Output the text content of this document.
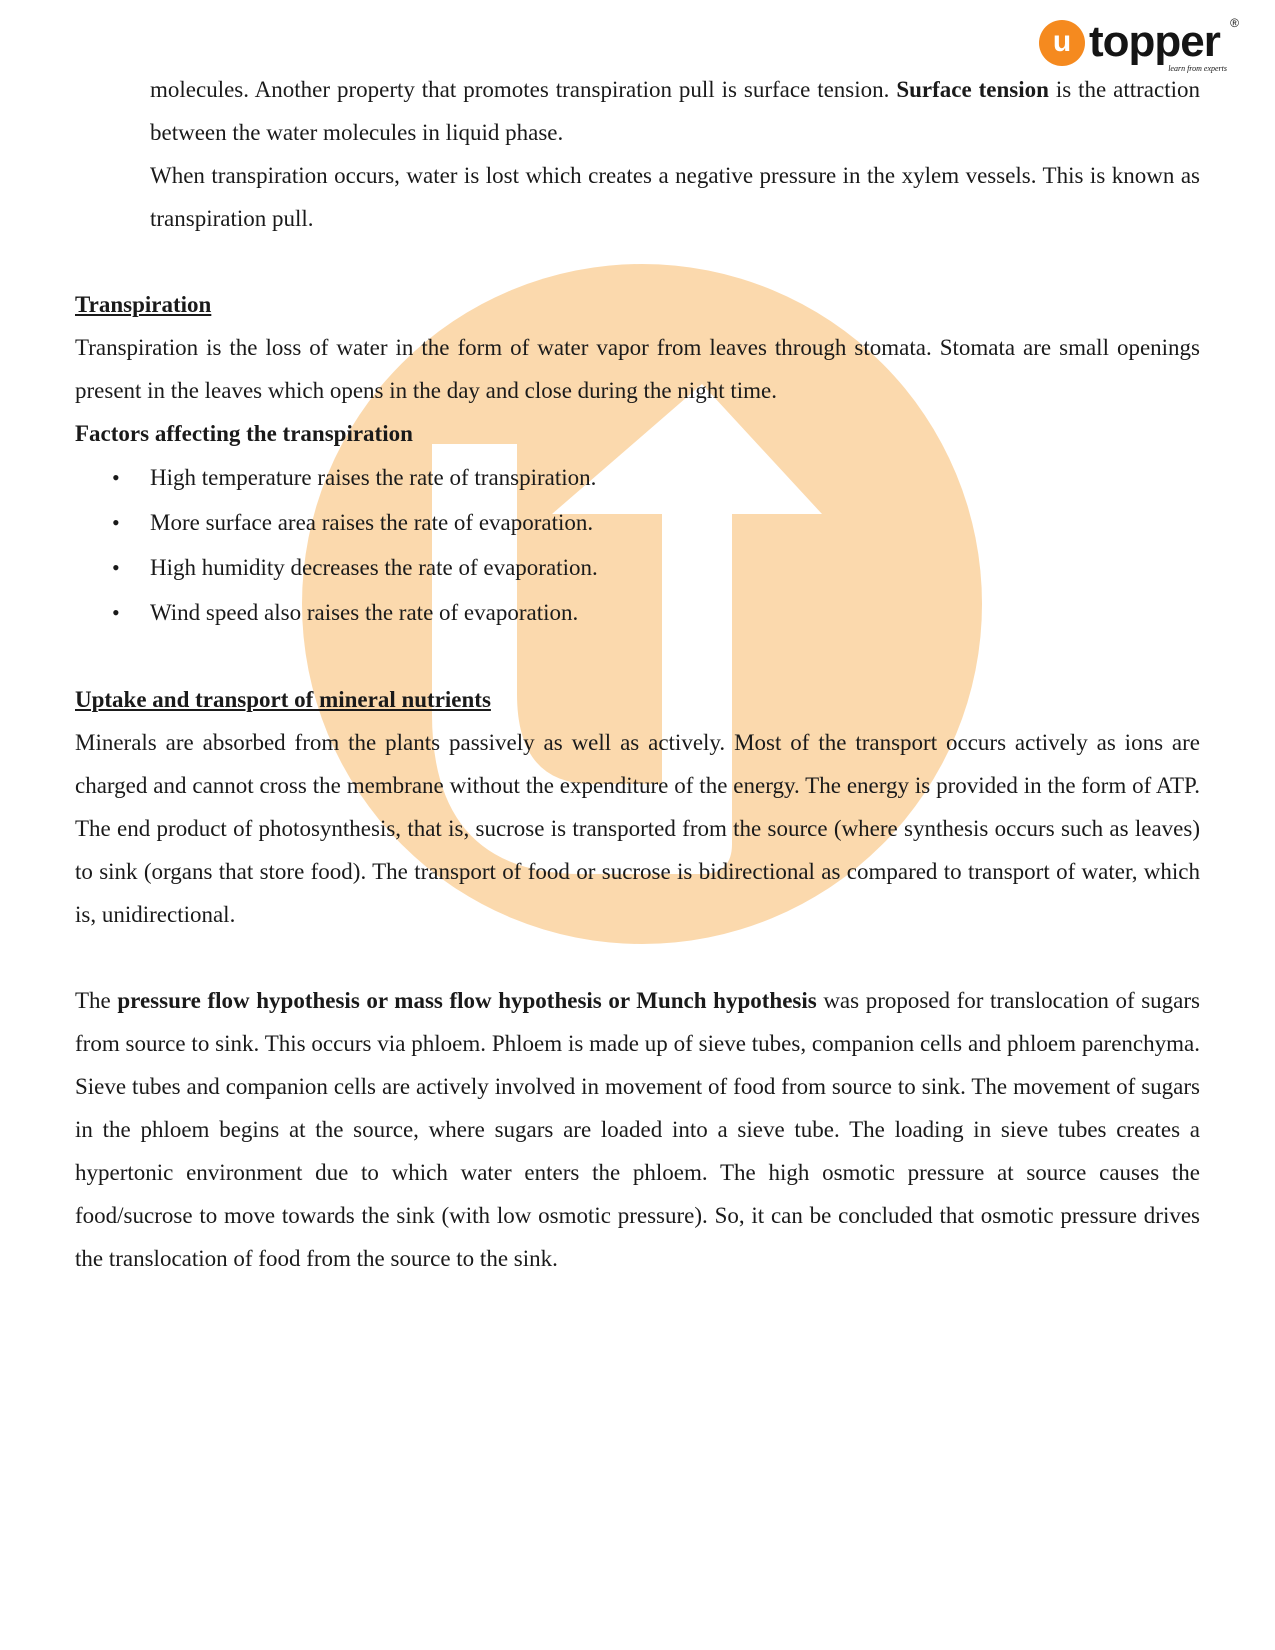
u topper ®
learn from experts

molecules. Another property that promotes transpiration pull is surface tension. Surface tension is the attraction between the water molecules in liquid phase.

When transpiration occurs, water is lost which creates a negative pressure in the xylem vessels. This is known as transpiration pull.

Transpiration

Transpiration is the loss of water in the form of water vapor from leaves through stomata. Stomata are small openings present in the leaves which opens in the day and close during the night time.

Factors affecting the transpiration
• High temperature raises the rate of transpiration.
• More surface area raises the rate of evaporation.
• High humidity decreases the rate of evaporation.
• Wind speed also raises the rate of evaporation.
Uptake and transport of mineral nutrients

Minerals are absorbed from the plants passively as well as actively. Most of the transport occurs actively as ions are charged and cannot cross the membrane without the expenditure of the energy. The energy is provided in the form of ATP. The end product of photosynthesis, that is, sucrose is transported from the source (where synthesis occurs such as leaves) to sink (organs that store food). The transport of food or sucrose is bidirectional as compared to transport of water, which is, unidirectional.

The pressure flow hypothesis or mass flow hypothesis or Munch hypothesis was proposed for translocation of sugars from source to sink. This occurs via phloem. Phloem is made up of sieve tubes, companion cells and phloem parenchyma. Sieve tubes and companion cells are actively involved in movement of food from source to sink. The movement of sugars in the phloem begins at the source, where sugars are loaded into a sieve tube. The loading in sieve tubes creates a hypertonic environment due to which water enters the phloem. The high osmotic pressure at source causes the food/sucrose to move towards the sink (with low osmotic pressure). So, it can be concluded that osmotic pressure drives the translocation of food from the source to the sink.
